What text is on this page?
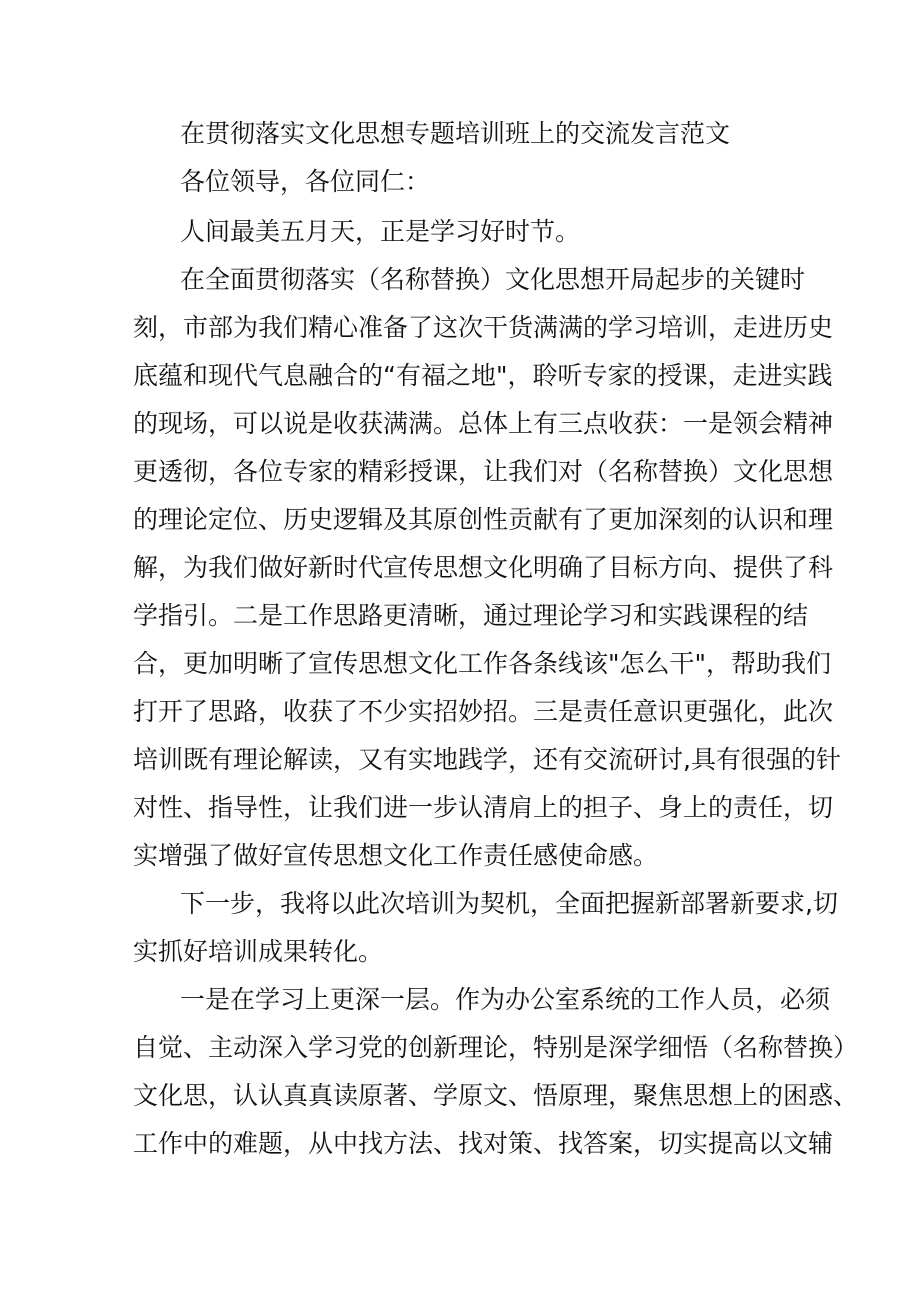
在贯彻落实文化思想专题培训班上的交流发言范文
各位领导，各位同仁：
人间最美五月天，正是学习好时节。
在全面贯彻落实（名称替换）文化思想开局起步的关键时
刻，市部为我们精心准备了这次干货满满的学习培训，走进历史
底蕴和现代气息融合的“有福之地"，聆听专家的授课，走进实践
的现场，可以说是收获满满。总体上有三点收获：一是领会精神
更透彻，各位专家的精彩授课，让我们对（名称替换）文化思想
的理论定位、历史逻辑及其原创性贡献有了更加深刻的认识和理
解，为我们做好新时代宣传思想文化明确了目标方向、提供了科
学指引。二是工作思路更清晰，通过理论学习和实践课程的结
合，更加明晰了宣传思想文化工作各条线该"怎么干"，帮助我们
打开了思路，收获了不少实招妙招。三是责任意识更强化，此次
培训既有理论解读，又有实地践学，还有交流研讨,具有很强的针
对性、指导性，让我们进一步认清肩上的担子、身上的责任，切
实增强了做好宣传思想文化工作责任感使命感。
下一步，我将以此次培训为契机，全面把握新部署新要求,切
实抓好培训成果转化。
一是在学习上更深一层。作为办公室系统的工作人员，必须
自觉、主动深入学习党的创新理论，特别是深学细悟（名称替换）
文化思，认认真真读原著、学原文、悟原理，聚焦思想上的困惑、
工作中的难题，从中找方法、找对策、找答案，切实提高以文辅
